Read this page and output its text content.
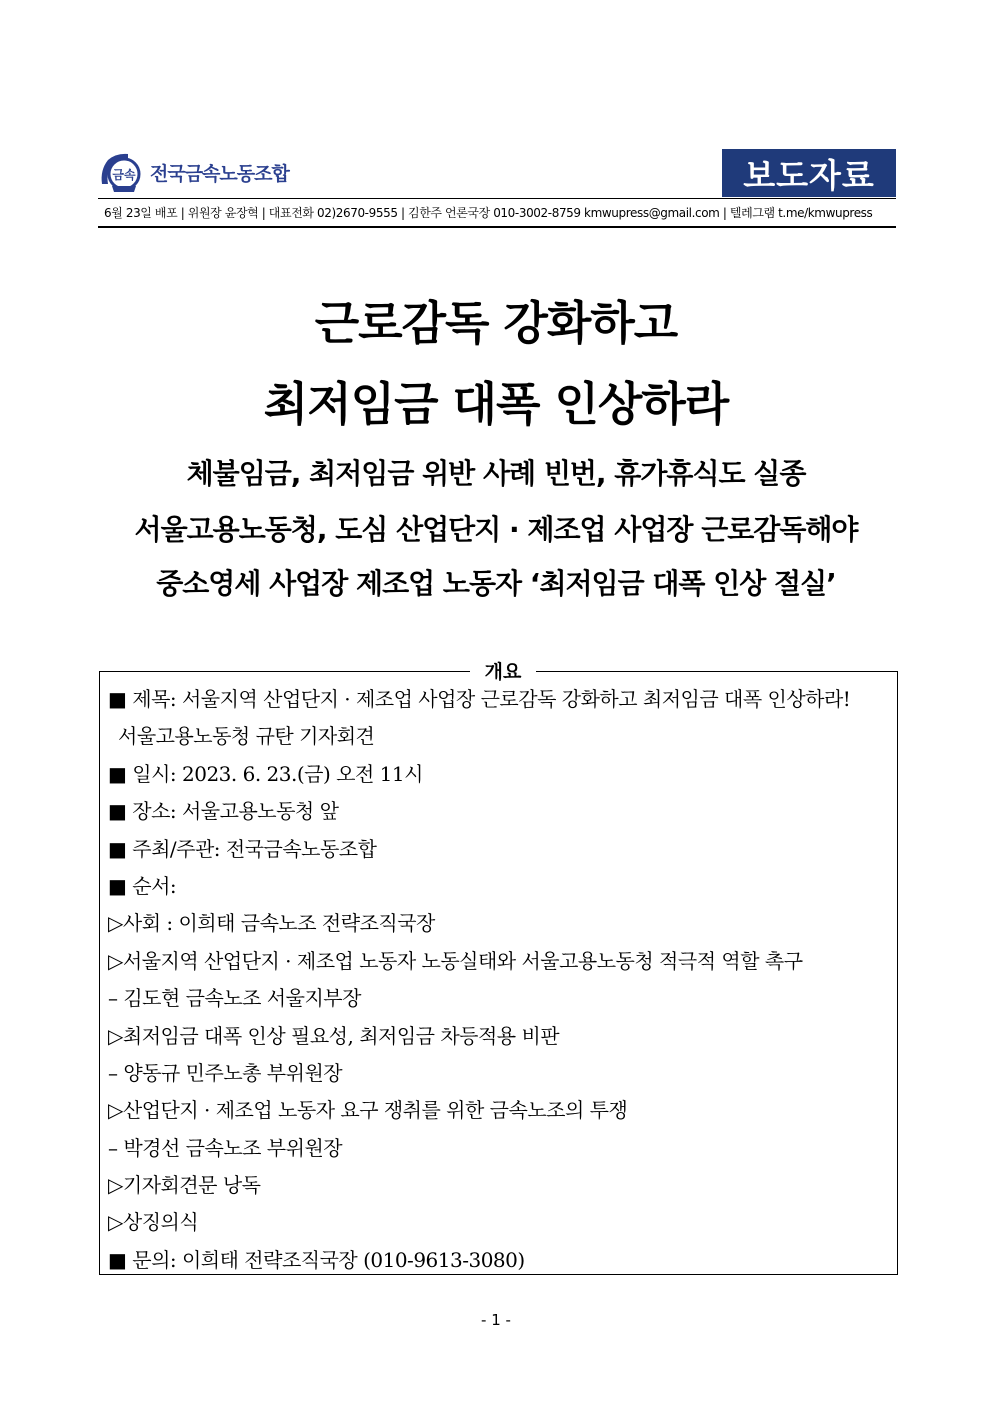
금속 전국금속노동조합	보도자료
6월 23일 배포 | 위원장 윤장혁 | 대표전화 02)2670-9555 | 김한주 언론국장 010-3002-8759 kmwupress@gmail.com | 텔레그램 t.me/kmwupress
근로감독 강화하고
최저임금 대폭 인상하라
체불임금, 최저임금 위반 사례 빈번, 휴가휴식도 실종
서울고용노동청, 도심 산업단지 · 제조업 사업장 근로감독해야
중소영세 사업장 제조업 노동자 ‘최저임금 대폭 인상 절실’
개요
■ 제목: 서울지역 산업단지 · 제조업 사업장 근로감독 강화하고 최저임금 대폭 인상하라!
서울고용노동청 규탄 기자회견
■ 일시: 2023. 6. 23.(금) 오전 11시
■ 장소: 서울고용노동청 앞
■ 주최/주관: 전국금속노동조합
■ 순서:
▷사회 : 이희태 금속노조 전략조직국장
▷서울지역 산업단지 · 제조업 노동자 노동실태와 서울고용노동청 적극적 역할 촉구
– 김도현 금속노조 서울지부장
▷최저임금 대폭 인상 필요성, 최저임금 차등적용 비판
– 양동규 민주노총 부위원장
▷산업단지 · 제조업 노동자 요구 쟁취를 위한 금속노조의 투쟁
– 박경선 금속노조 부위원장
▷기자회견문 낭독
▷상징의식
■ 문의: 이희태 전략조직국장 (010-9613-3080)
- 1 -
